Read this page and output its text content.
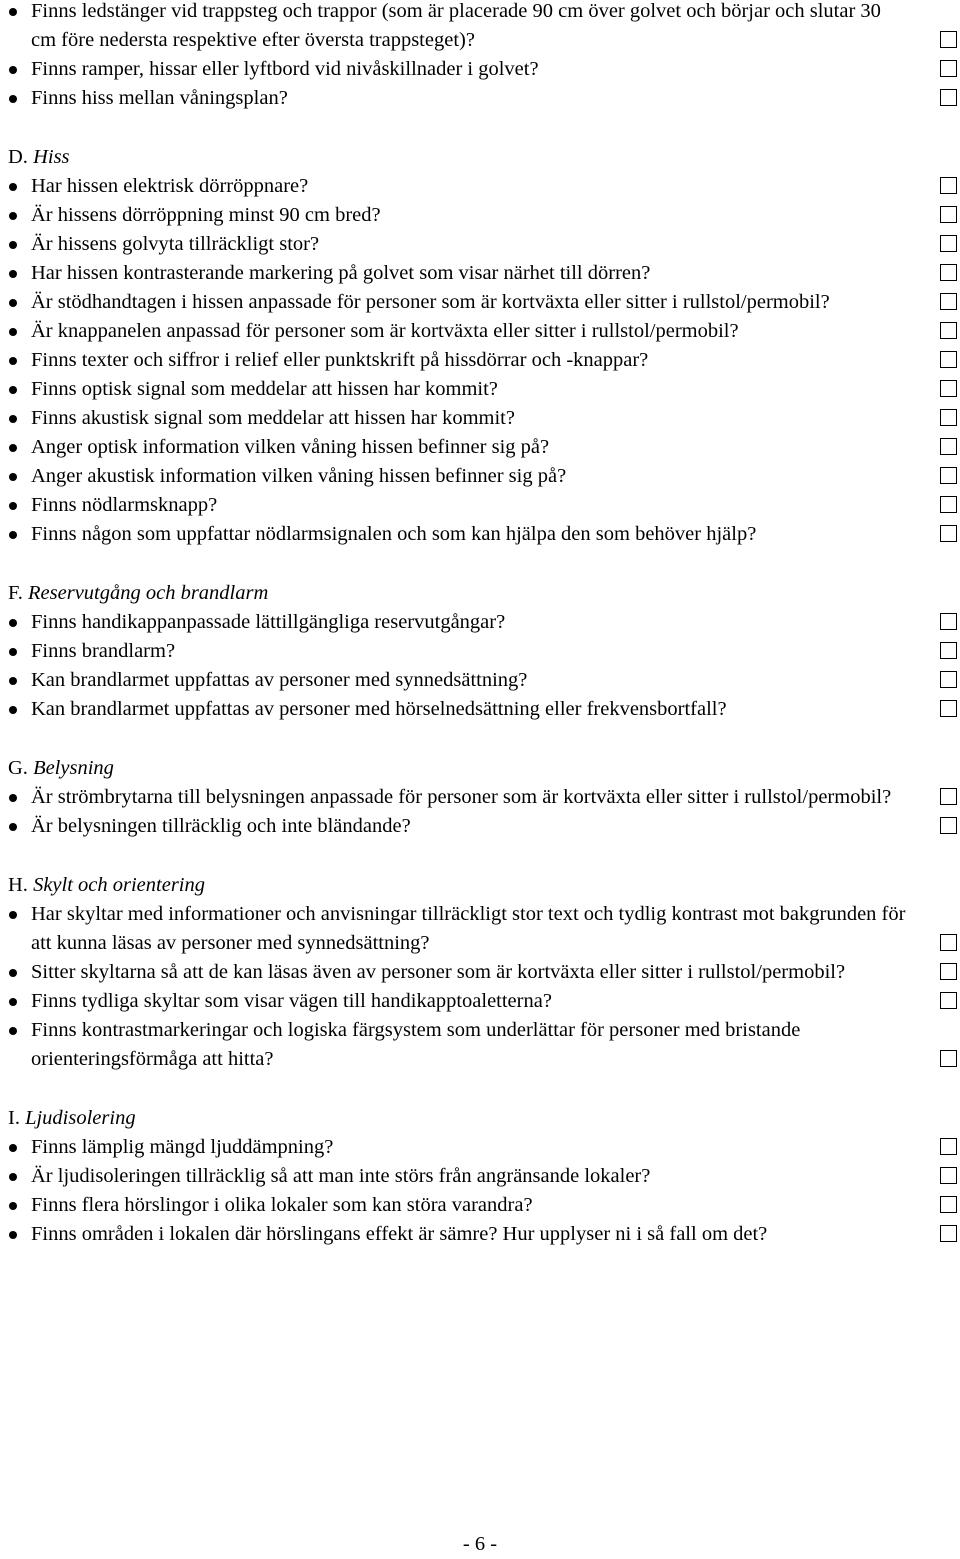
Finns ledstänger vid trappsteg och trappor (som är placerade 90 cm över golvet och börjar och slutar 30 cm före nedersta respektive efter översta trappsteget)?
Finns ramper, hissar eller lyftbord vid nivåskillnader i golvet?
Finns hiss mellan våningsplan?
D. Hiss
Har hissen elektrisk dörröppnare?
Är hissens dörröppning minst 90 cm bred?
Är hissens golvyta tillräckligt stor?
Har hissen kontrasterande markering på golvet som visar närhet till dörren?
Är stödhandtagen i hissen anpassade för personer som är kortväxta eller sitter i rullstol/permobil?
Är knappanelen anpassad för personer som är kortväxta eller sitter i rullstol/permobil?
Finns texter och siffror i relief eller punktskrift på hissdörrar och -knappar?
Finns optisk signal som meddelar att hissen har kommit?
Finns akustisk signal som meddelar att hissen har kommit?
Anger optisk information vilken våning hissen befinner sig på?
Anger akustisk information vilken våning hissen befinner sig på?
Finns nödlarmsknapp?
Finns någon som uppfattar nödlarmsignalen och som kan hjälpa den som behöver hjälp?
F. Reservutgång och brandlarm
Finns handikappanpassade lättillgängliga reservutgångar?
Finns brandlarm?
Kan brandlarmet uppfattas av personer med synnedsättning?
Kan brandlarmet uppfattas av personer med hörselnedsättning eller frekvensbortfall?
G. Belysning
Är strömbrytarna till belysningen anpassade för personer som är kortväxta eller sitter i rullstol/permobil?
Är belysningen tillräcklig och inte bländande?
H. Skylt och orientering
Har skyltar med informationer och anvisningar tillräckligt stor text och tydlig kontrast mot bakgrunden för att kunna läsas av personer med synnedsättning?
Sitter skyltarna så att de kan läsas även av personer som är kortväxta eller sitter i rullstol/permobil?
Finns tydliga skyltar som visar vägen till handikapptoaletterna?
Finns kontrastmarkeringar och logiska färgsystem som underlättar för personer med bristande orienteringsförmåga att hitta?
I. Ljudisolering
Finns lämplig mängd ljuddämpning?
Är ljudisoleringen tillräcklig så att man inte störs från angränsande lokaler?
Finns flera hörslingor i olika lokaler som kan störa varandra?
Finns områden i lokalen där hörslingans effekt är sämre? Hur upplyser ni i så fall om det?
- 6 -
